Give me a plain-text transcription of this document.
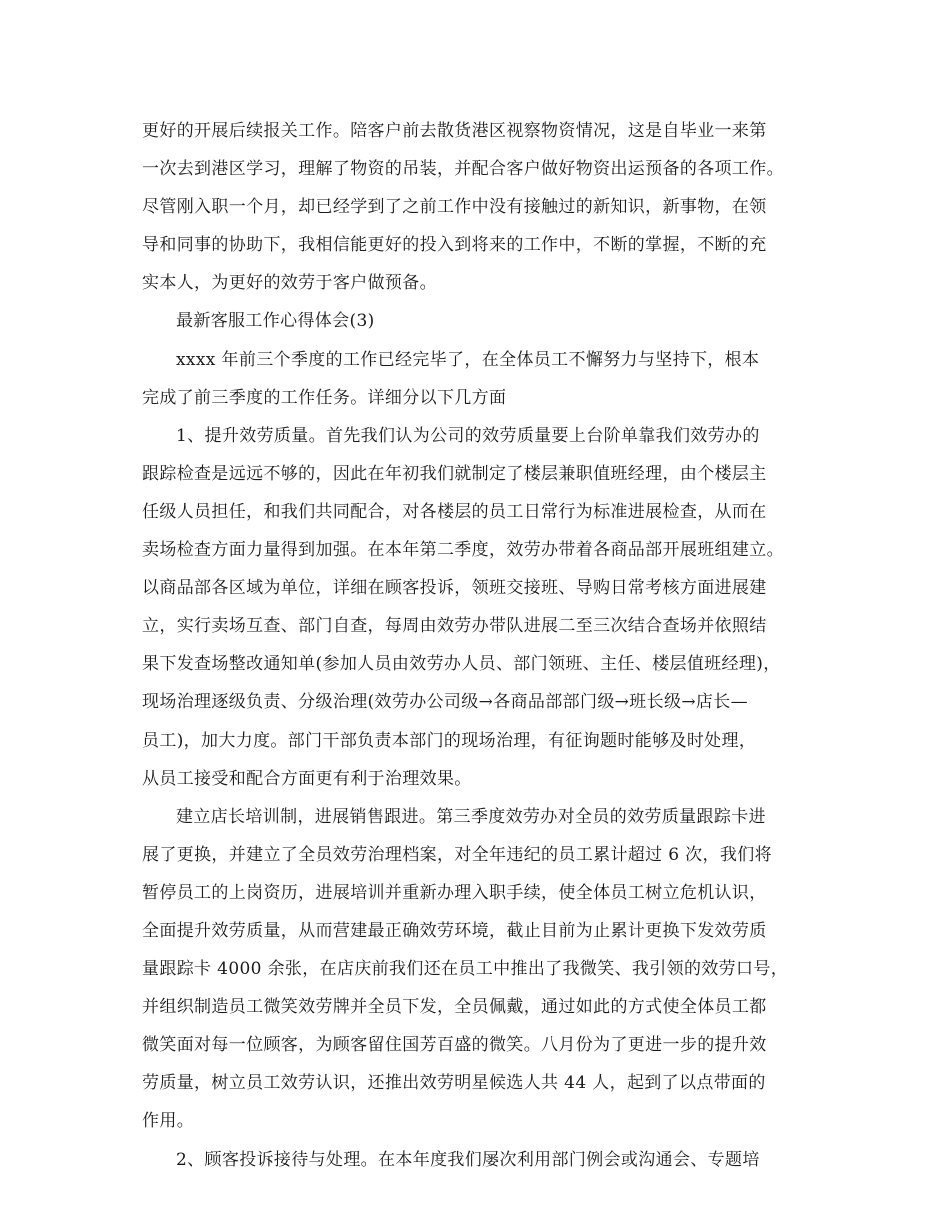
更好的开展后续报关工作。陪客户前去散货港区视察物资情况，这是自毕业一来第
一次去到港区学习，理解了物资的吊装，并配合客户做好物资出运预备的各项工作。
尽管刚入职一个月，却已经学到了之前工作中没有接触过的新知识，新事物，在领
导和同事的协助下，我相信能更好的投入到将来的工作中，不断的掌握，不断的充
实本人，为更好的效劳于客户做预备。
最新客服工作心得体会(3)
xxxx 年前三个季度的工作已经完毕了，在全体员工不懈努力与坚持下，根本
完成了前三季度的工作任务。详细分以下几方面
1、提升效劳质量。首先我们认为公司的效劳质量要上台阶单靠我们效劳办的
跟踪检查是远远不够的，因此在年初我们就制定了楼层兼职值班经理，由个楼层主
任级人员担任，和我们共同配合，对各楼层的员工日常行为标准进展检查，从而在
卖场检查方面力量得到加强。在本年第二季度，效劳办带着各商品部开展班组建立。
以商品部各区域为单位，详细在顾客投诉，领班交接班、导购日常考核方面进展建
立，实行卖场互查、部门自查，每周由效劳办带队进展二至三次结合查场并依照结
果下发查场整改通知单(参加人员由效劳办人员、部门领班、主任、楼层值班经理)，
现场治理逐级负责、分级治理(效劳办公司级→各商品部部门级→班长级→店长—
员工)，加大力度。部门干部负责本部门的现场治理，有征询题时能够及时处理，
从员工接受和配合方面更有利于治理效果。
建立店长培训制，进展销售跟进。第三季度效劳办对全员的效劳质量跟踪卡进
展了更换，并建立了全员效劳治理档案，对全年违纪的员工累计超过 6 次，我们将
暂停员工的上岗资历，进展培训并重新办理入职手续，使全体员工树立危机认识，
全面提升效劳质量，从而营建最正确效劳环境，截止目前为止累计更换下发效劳质
量跟踪卡 4000 余张，在店庆前我们还在员工中推出了我微笑、我引领的效劳口号，
并组织制造员工微笑效劳牌并全员下发，全员佩戴，通过如此的方式使全体员工都
微笑面对每一位顾客，为顾客留住国芳百盛的微笑。八月份为了更进一步的提升效
劳质量，树立员工效劳认识，还推出效劳明星候选人共 44 人，起到了以点带面的
作用。
2、顾客投诉接待与处理。在本年度我们屡次利用部门例会或沟通会、专题培
